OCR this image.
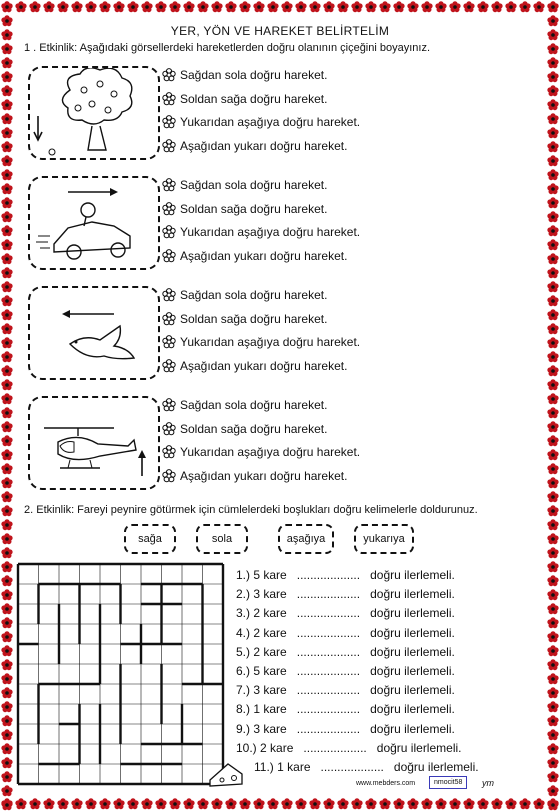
YER, YÖN VE HAREKET BELİRTELİM
1 . Etkinlik: Aşağıdaki görsellerdeki hareketlerden doğru olanının çiçeğini boyayınız.
Sağdan sola doğru hareket.
Soldan sağa doğru hareket.
Yukarıdan aşağıya doğru hareket.
Aşağıdan yukarı doğru hareket.
Sağdan sola doğru hareket.
Soldan sağa doğru hareket.
Yukarıdan aşağıya doğru hareket.
Aşağıdan yukarı doğru hareket.
Sağdan sola doğru hareket.
Soldan sağa doğru hareket.
Yukarıdan aşağıya doğru hareket.
Aşağıdan yukarı doğru hareket.
Sağdan sola doğru hareket.
Soldan sağa doğru hareket.
Yukarıdan aşağıya doğru hareket.
Aşağıdan yukarı doğru hareket.
2. Etkinlik: Fareyi peynire götürmek için cümlelerdeki boşlukları doğru kelimelerle doldurunuz.
sağa	sola	aşağıya	yukarıya
1.) 5 kare ................... doğru ilerlemeli.
2.) 3 kare ................... doğru ilerlemeli.
3.) 2 kare ................... doğru ilerlemeli.
4.) 2 kare ................... doğru ilerlemeli.
5.) 2 kare ................... doğru ilerlemeli.
6.) 5 kare ................... doğru ilerlemeli.
7.) 3 kare ................... doğru ilerlemeli.
8.) 1 kare ................... doğru ilerlemeli.
9.) 3 kare ................... doğru ilerlemeli.
10.) 2 kare ................... doğru ilerlemeli.
11.) 1 kare ................... doğru ilerlemeli.
www.mebders.com	nmocit58	ym
